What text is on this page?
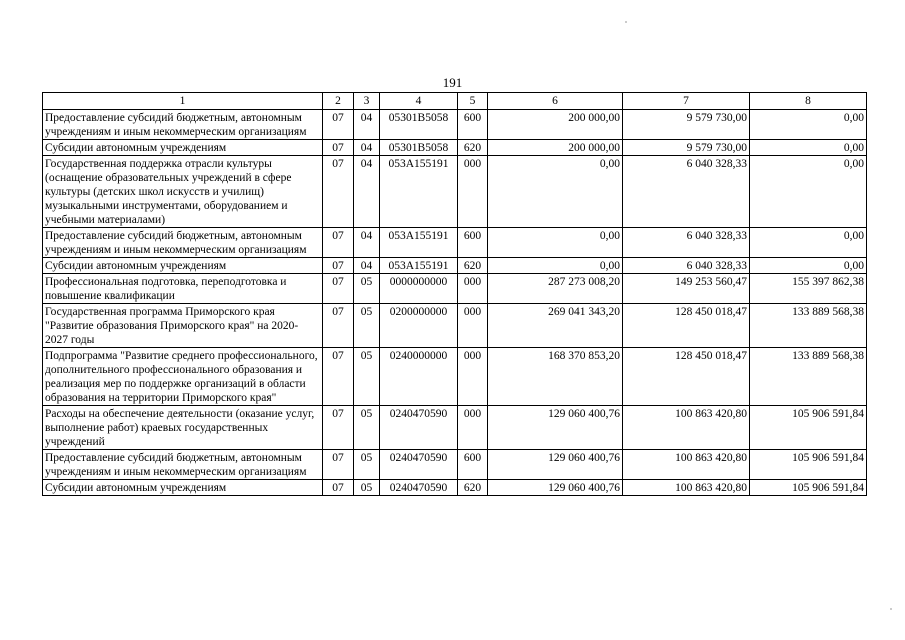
191
1	2	3	4	5	6	7	8
Предоставление субсидий бюджетным, автономным учреждениям и иным некоммерческим организациям	07	04	05301B5058	600	200 000,00	9 579 730,00	0,00
Субсидии автономным учреждениям	07	04	05301B5058	620	200 000,00	9 579 730,00	0,00
Государственная поддержка отрасли культуры (оснащение образовательных учреждений в сфере культуры (детских школ искусств и училищ) музыкальными инструментами, оборудованием и учебными материалами)	07	04	053A155191	000	0,00	6 040 328,33	0,00
Предоставление субсидий бюджетным, автономным учреждениям и иным некоммерческим организациям	07	04	053A155191	600	0,00	6 040 328,33	0,00
Субсидии автономным учреждениям	07	04	053A155191	620	0,00	6 040 328,33	0,00
Профессиональная подготовка, переподготовка и повышение квалификации	07	05	0000000000	000	287 273 008,20	149 253 560,47	155 397 862,38
Государственная программа Приморского края "Развитие образования Приморского края" на 2020-2027 годы	07	05	0200000000	000	269 041 343,20	128 450 018,47	133 889 568,38
Подпрограмма "Развитие среднего профессионального, дополнительного профессионального образования и реализация мер по поддержке организаций в области образования на территории Приморского края"	07	05	0240000000	000	168 370 853,20	128 450 018,47	133 889 568,38
Расходы на обеспечение деятельности (оказание услуг, выполнение работ) краевых государственных учреждений	07	05	0240470590	000	129 060 400,76	100 863 420,80	105 906 591,84
Предоставление субсидий бюджетным, автономным учреждениям и иным некоммерческим организациям	07	05	0240470590	600	129 060 400,76	100 863 420,80	105 906 591,84
Субсидии автономным учреждениям	07	05	0240470590	620	129 060 400,76	100 863 420,80	105 906 591,84
